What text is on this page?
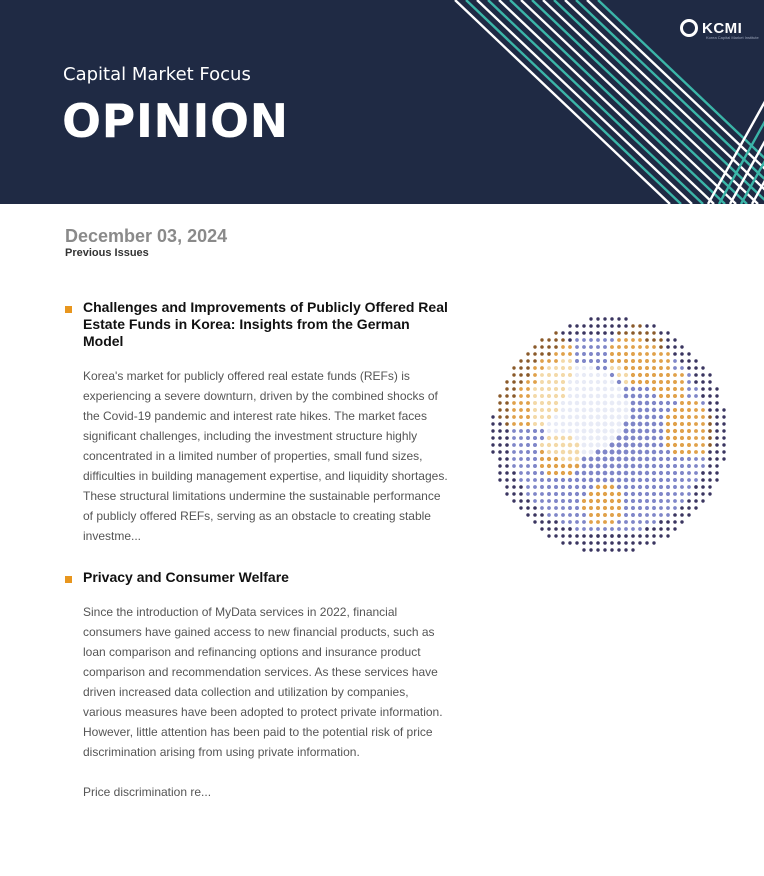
Capital Market Focus
OPINION
KCMI
Korea Capital Market Institute
December 03, 2024
Previous Issues
Challenges and Improvements of Publicly Offered Real Estate Funds in Korea: Insights from the German Model
Korea's market for publicly offered real estate funds (REFs) is experiencing a severe downturn, driven by the combined shocks of the Covid-19 pandemic and interest rate hikes. The market faces significant challenges, including the investment structure highly concentrated in a limited number of properties, small fund sizes, difficulties in building management expertise, and liquidity shortages. These structural limitations undermine the sustainable performance of publicly offered REFs, serving as an obstacle to creating stable investme...
Privacy and Consumer Welfare
Since the introduction of MyData services in 2022, financial consumers have gained access to new financial products, such as loan comparison and refinancing options and insurance product comparison and recommendation services. As these services have driven increased data collection and utilization by companies, various measures have been adopted to protect private information. However, little attention has been paid to the potential risk of price discrimination arising from using private information.
Price discrimination re...
